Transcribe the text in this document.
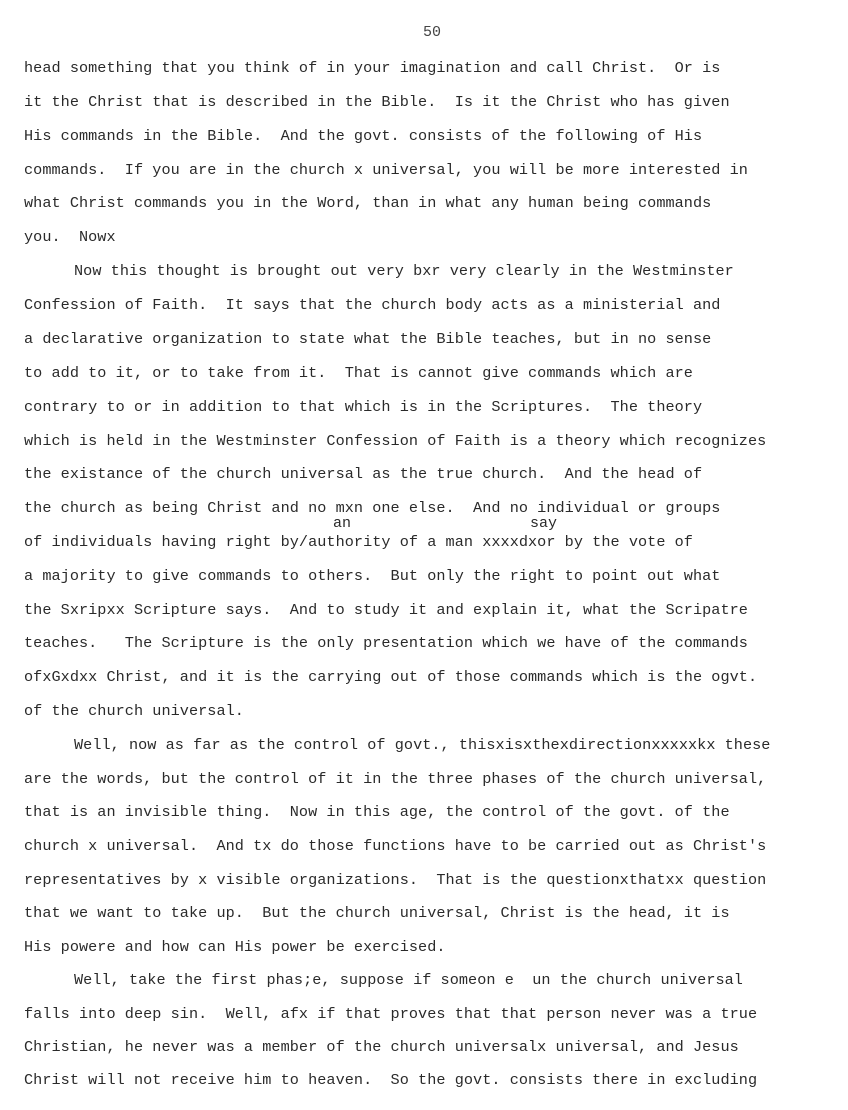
50
head something that you think of in your imagination and call Christ.  Or is
it the Christ that is described in the Bible.  Is it the Christ who has given
His commands in the Bible.  And the govt. consists of the following of His
commands.  If you are in the church x universal, you will be more interested in
what Christ commands you in the Word, than in what any human being commands
you.  Nowx
Now this thought is brought out very bxr very clearly in the Westminster
Confession of Faith.  It says that the church body acts as a ministerial and
a declarative organization to state what the Bible teaches, but in no sense
to add to it, or to take from it.  That is cannot give commands which are
contrary to or in addition to that which is in the Scriptures.  The theory
which is held in the Westminster Confession of Faith is a theory which recognizes
the existance of the church universal as the true church.  And the head of
the church as being Christ and no mxn one else.  And no individual or groups
an	say
of individuals having right by/authority of a man xxxxdxor by the vote of
a majority to give commands to others.  But only the right to point out what
the Sxripxx Scripture says.  And to study it and explain it, what the Scripatre
teaches.   The Scripture is the only presentation which we have of the commands
ofxGxdxx Christ, and it is the carrying out of those commands which is the ogvt.
of the church universal.
Well, now as far as the control of govt., thisxisxthexdirectionxxxxxkx these
are the words, but the control of it in the three phases of the church universal,
that is an invisible thing.  Now in this age, the control of the govt. of the
church x universal.  And tx do those functions have to be carried out as Christ's
representatives by x visible organizations.  That is the questionxthatxx question
that we want to take up.  But the church universal, Christ is the head, it is
His powere and how can His power be exercised.
Well, take the first phas;e, suppose if someon e  un the church universal
falls into deep sin.  Well, afx if that proves that that person never was a true
Christian, he never was a member of the church universalx universal, and Jesus
Christ will not receive him to heaven.  So the govt. consists there in excluding
